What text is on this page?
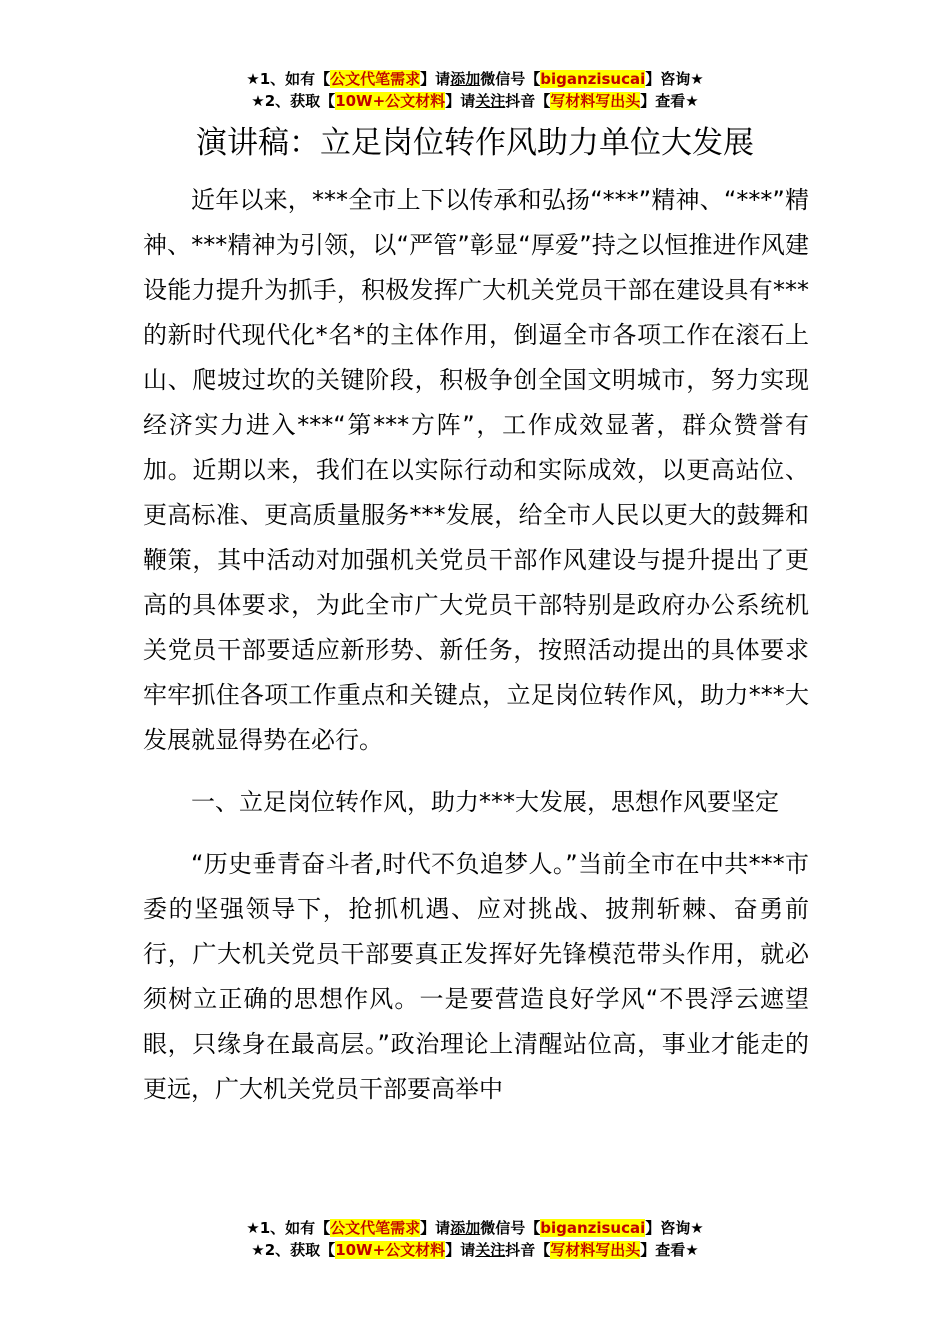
★1、如有【公文代笔需求】请添加微信号【biganzisucai】咨询★
★2、获取【10W+公文材料】请关注抖音【写材料写出头】查看★
演讲稿：立足岗位转作风助力单位大发展

近年以来，***全市上下以传承和弘扬“***”精神、“***”精神、***精神为引领，以“严管”彰显“厚爱”持之以恒推进作风建设能力提升为抓手，积极发挥广大机关党员干部在建设具有***的新时代现代化*名*的主体作用，倒逼全市各项工作在滚石上山、爬坡过坎的关键阶段，积极争创全国文明城市，努力实现经济实力进入***“第***方阵”，工作成效显著，群众赞誉有加。近期以来，我们在以实际行动和实际成效，以更高站位、更高标准、更高质量服务***发展，给全市人民以更大的鼓舞和鞭策，其中活动对加强机关党员干部作风建设与提升提出了更高的具体要求，为此全市广大党员干部特别是政府办公系统机关党员干部要适应新形势、新任务，按照活动提出的具体要求牢牢抓住各项工作重点和关键点，立足岗位转作风，助力***大发展就显得势在必行。

一、立足岗位转作风，助力***大发展，思想作风要坚定

“历史垂青奋斗者,时代不负追梦人。”当前全市在中共***市委的坚强领导下，抢抓机遇、应对挑战、披荆斩棘、奋勇前行，广大机关党员干部要真正发挥好先锋模范带头作用，就必须树立正确的思想作风。一是要营造良好学风“不畏浮云遮望眼，只缘身在最高层。”政治理论上清醒站位高，事业才能走的更远，广大机关党员干部要高举中

★1、如有【公文代笔需求】请添加微信号【biganzisucai】咨询★
★2、获取【10W+公文材料】请关注抖音【写材料写出头】查看★
